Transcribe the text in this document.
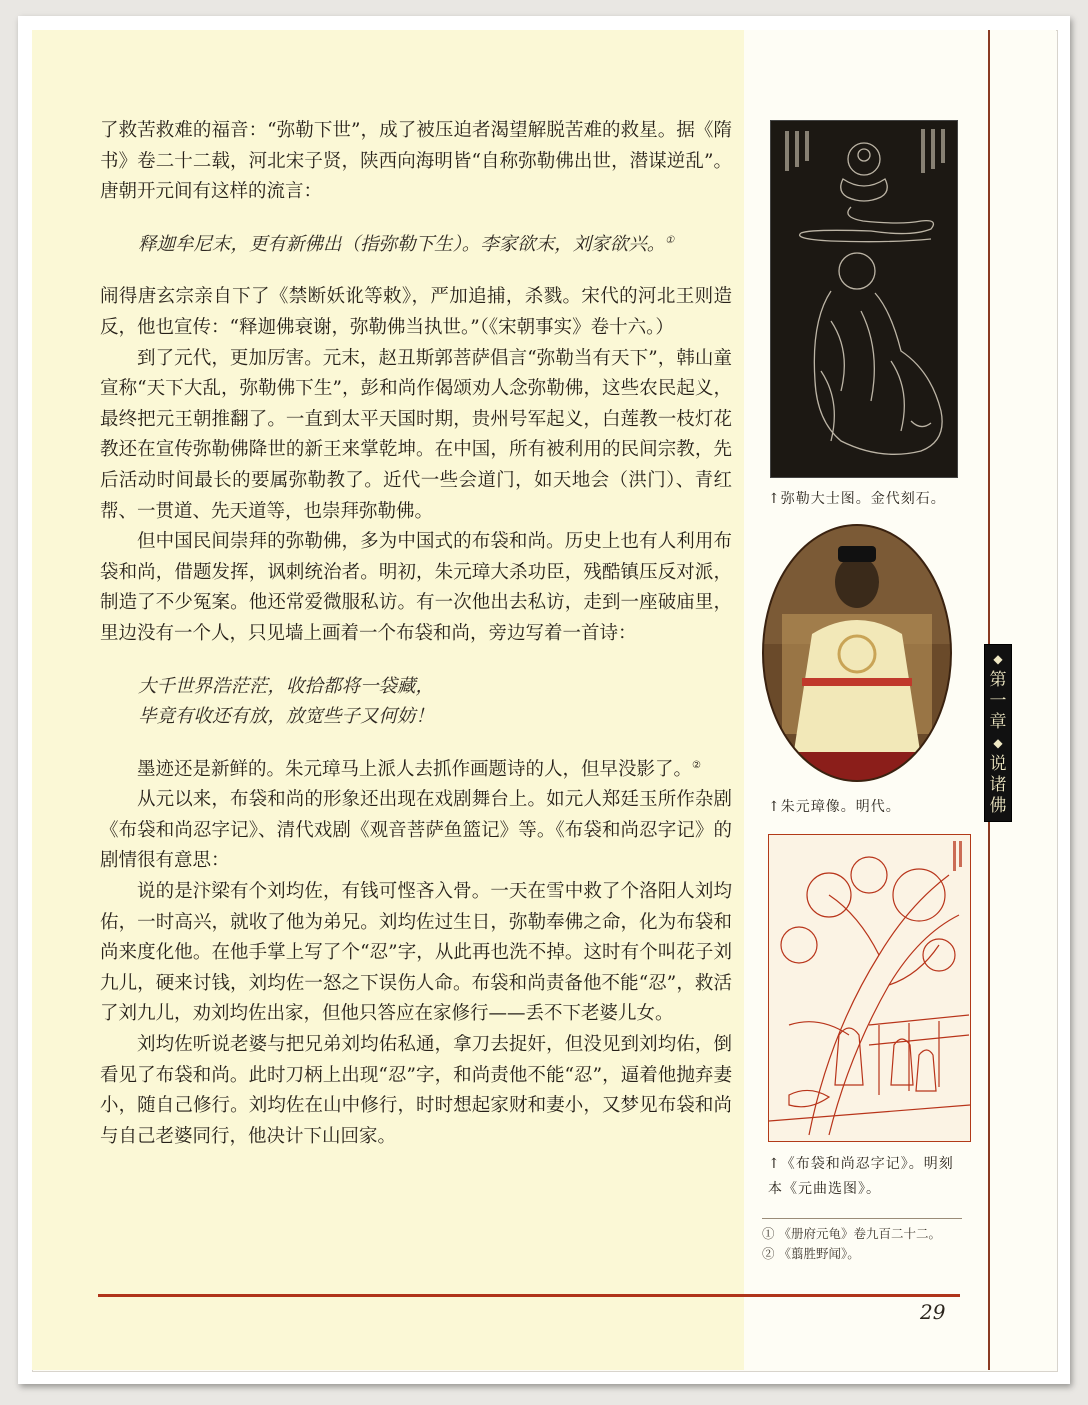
了救苦救难的福音：“弥勒下世”，成了被压迫者渴望解脱苦难的救星。据《隋书》卷二十二载，河北宋子贤，陕西向海明皆“自称弥勒佛出世，潜谋逆乱”。唐朝开元间有这样的流言：

释迦牟尼末，更有新佛出（指弥勒下生）。李家欲末，刘家欲兴。①

闹得唐玄宗亲自下了《禁断妖讹等敕》，严加追捕，杀戮。宋代的河北王则造反，他也宣传：“释迦佛衰谢，弥勒佛当执世。”（《宋朝事实》卷十六。）

到了元代，更加厉害。元末，赵丑斯郭菩萨倡言“弥勒当有天下”，韩山童宣称“天下大乱，弥勒佛下生”，彭和尚作偈颂劝人念弥勒佛，这些农民起义，最终把元王朝推翻了。一直到太平天国时期，贵州号军起义，白莲教一枝灯花教还在宣传弥勒佛降世的新王来掌乾坤。在中国，所有被利用的民间宗教，先后活动时间最长的要属弥勒教了。近代一些会道门，如天地会（洪门）、青红帮、一贯道、先天道等，也崇拜弥勒佛。

但中国民间崇拜的弥勒佛，多为中国式的布袋和尚。历史上也有人利用布袋和尚，借题发挥，讽刺统治者。明初，朱元璋大杀功臣，残酷镇压反对派，制造了不少冤案。他还常爱微服私访。有一次他出去私访，走到一座破庙里，里边没有一个人，只见墙上画着一个布袋和尚，旁边写着一首诗：

大千世界浩茫茫，收拾都将一袋藏，
毕竟有收还有放，放宽些子又何妨！

墨迹还是新鲜的。朱元璋马上派人去抓作画题诗的人，但早没影了。②

从元以来，布袋和尚的形象还出现在戏剧舞台上。如元人郑廷玉所作杂剧《布袋和尚忍字记》、清代戏剧《观音菩萨鱼篮记》等。《布袋和尚忍字记》的剧情很有意思：

说的是汴梁有个刘均佐，有钱可悭吝入骨。一天在雪中救了个洛阳人刘均佑，一时高兴，就收了他为弟兄。刘均佐过生日，弥勒奉佛之命，化为布袋和尚来度化他。在他手掌上写了个“忍”字，从此再也洗不掉。这时有个叫花子刘九儿，硬来讨钱，刘均佐一怒之下误伤人命。布袋和尚责备他不能“忍”，救活了刘九儿，劝刘均佐出家，但他只答应在家修行——丢不下老婆儿女。

刘均佐听说老婆与把兄弟刘均佑私通，拿刀去捉奸，但没见到刘均佑，倒看见了布袋和尚。此时刀柄上出现“忍”字，和尚责他不能“忍”，逼着他抛弃妻小，随自己修行。刘均佐在山中修行，时时想起家财和妻小，又梦见布袋和尚与自己老婆同行，他决计下山回家。

↑弥勒大士图。金代刻石。
↑朱元璋像。明代。
↑《布袋和尚忍字记》。明刻本《元曲选图》。
① 《册府元龟》卷九百二十二。
② 《翦胜野闻》。
◆
第
一
章
◆
说
诸
佛
29
